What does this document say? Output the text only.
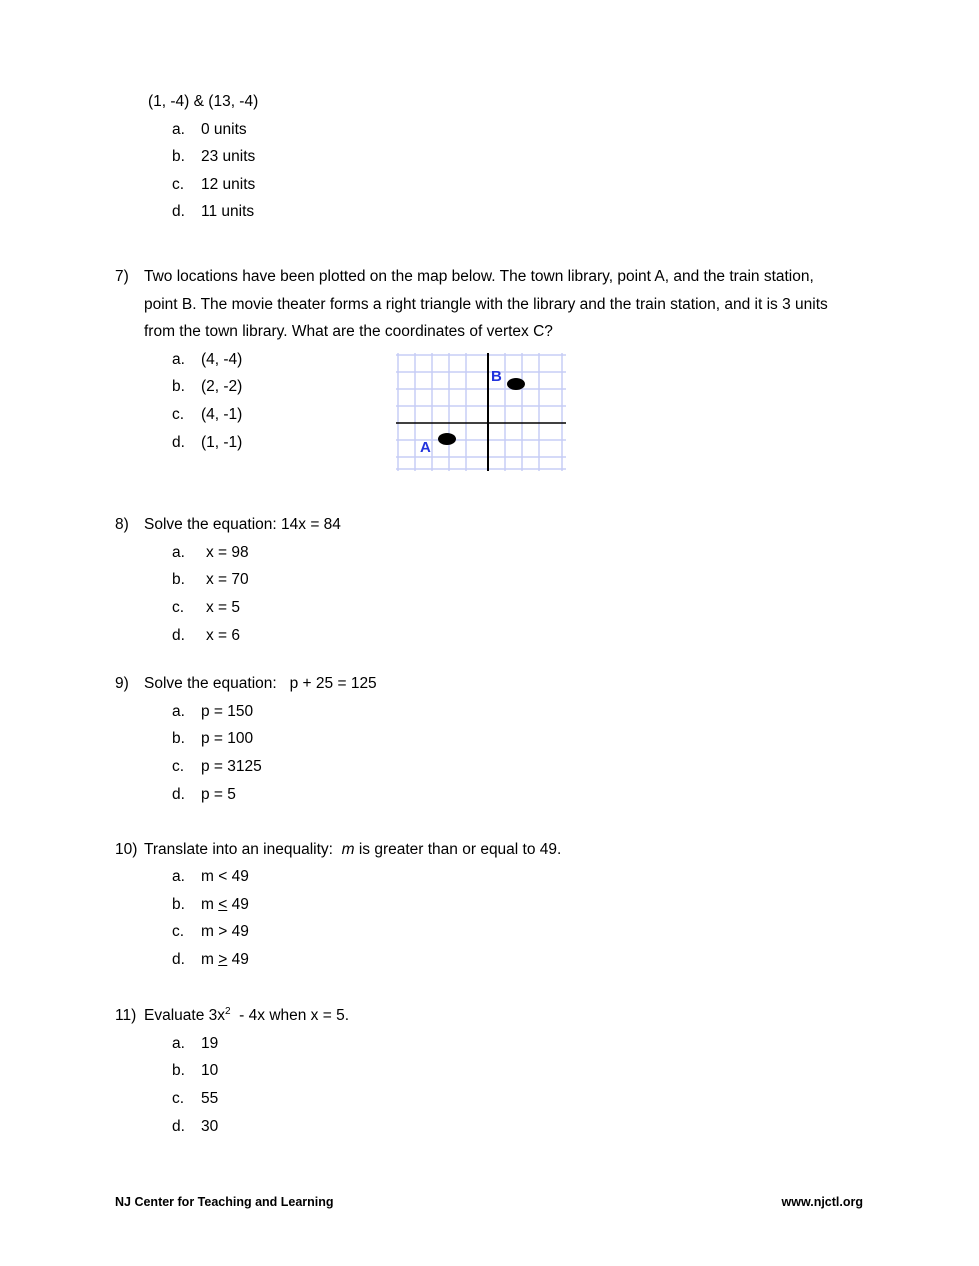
(1, -4) & (13, -4)
a. 0 units
b. 23 units
c. 12 units
d. 11 units
7) Two locations have been plotted on the map below. The town library, point A, and the train station,
point B. The movie theater forms a right triangle with the library and the train station, and it is 3 units
from the town library. What are the coordinates of vertex C?
a. (4, -4)
b. (2, -2)
c. (4, -1)
d. (1, -1)
B
A
8) Solve the equation: 14x = 84
a. x = 98
b. x = 70
c. x = 5
d. x = 6
9) Solve the equation:   p + 25 = 125
a. p = 150
b. p = 100
c. p = 3125
d. p = 5
10) Translate into an inequality:  m is greater than or equal to 49.
a. m < 49
b. m < 49
c. m > 49
d. m > 49
11) Evaluate $3x^2 - 4x$ when x = 5.
a. 19
b. 10
c. 55
d. 30
NJ Center for Teaching and Learning	www.njctl.org
